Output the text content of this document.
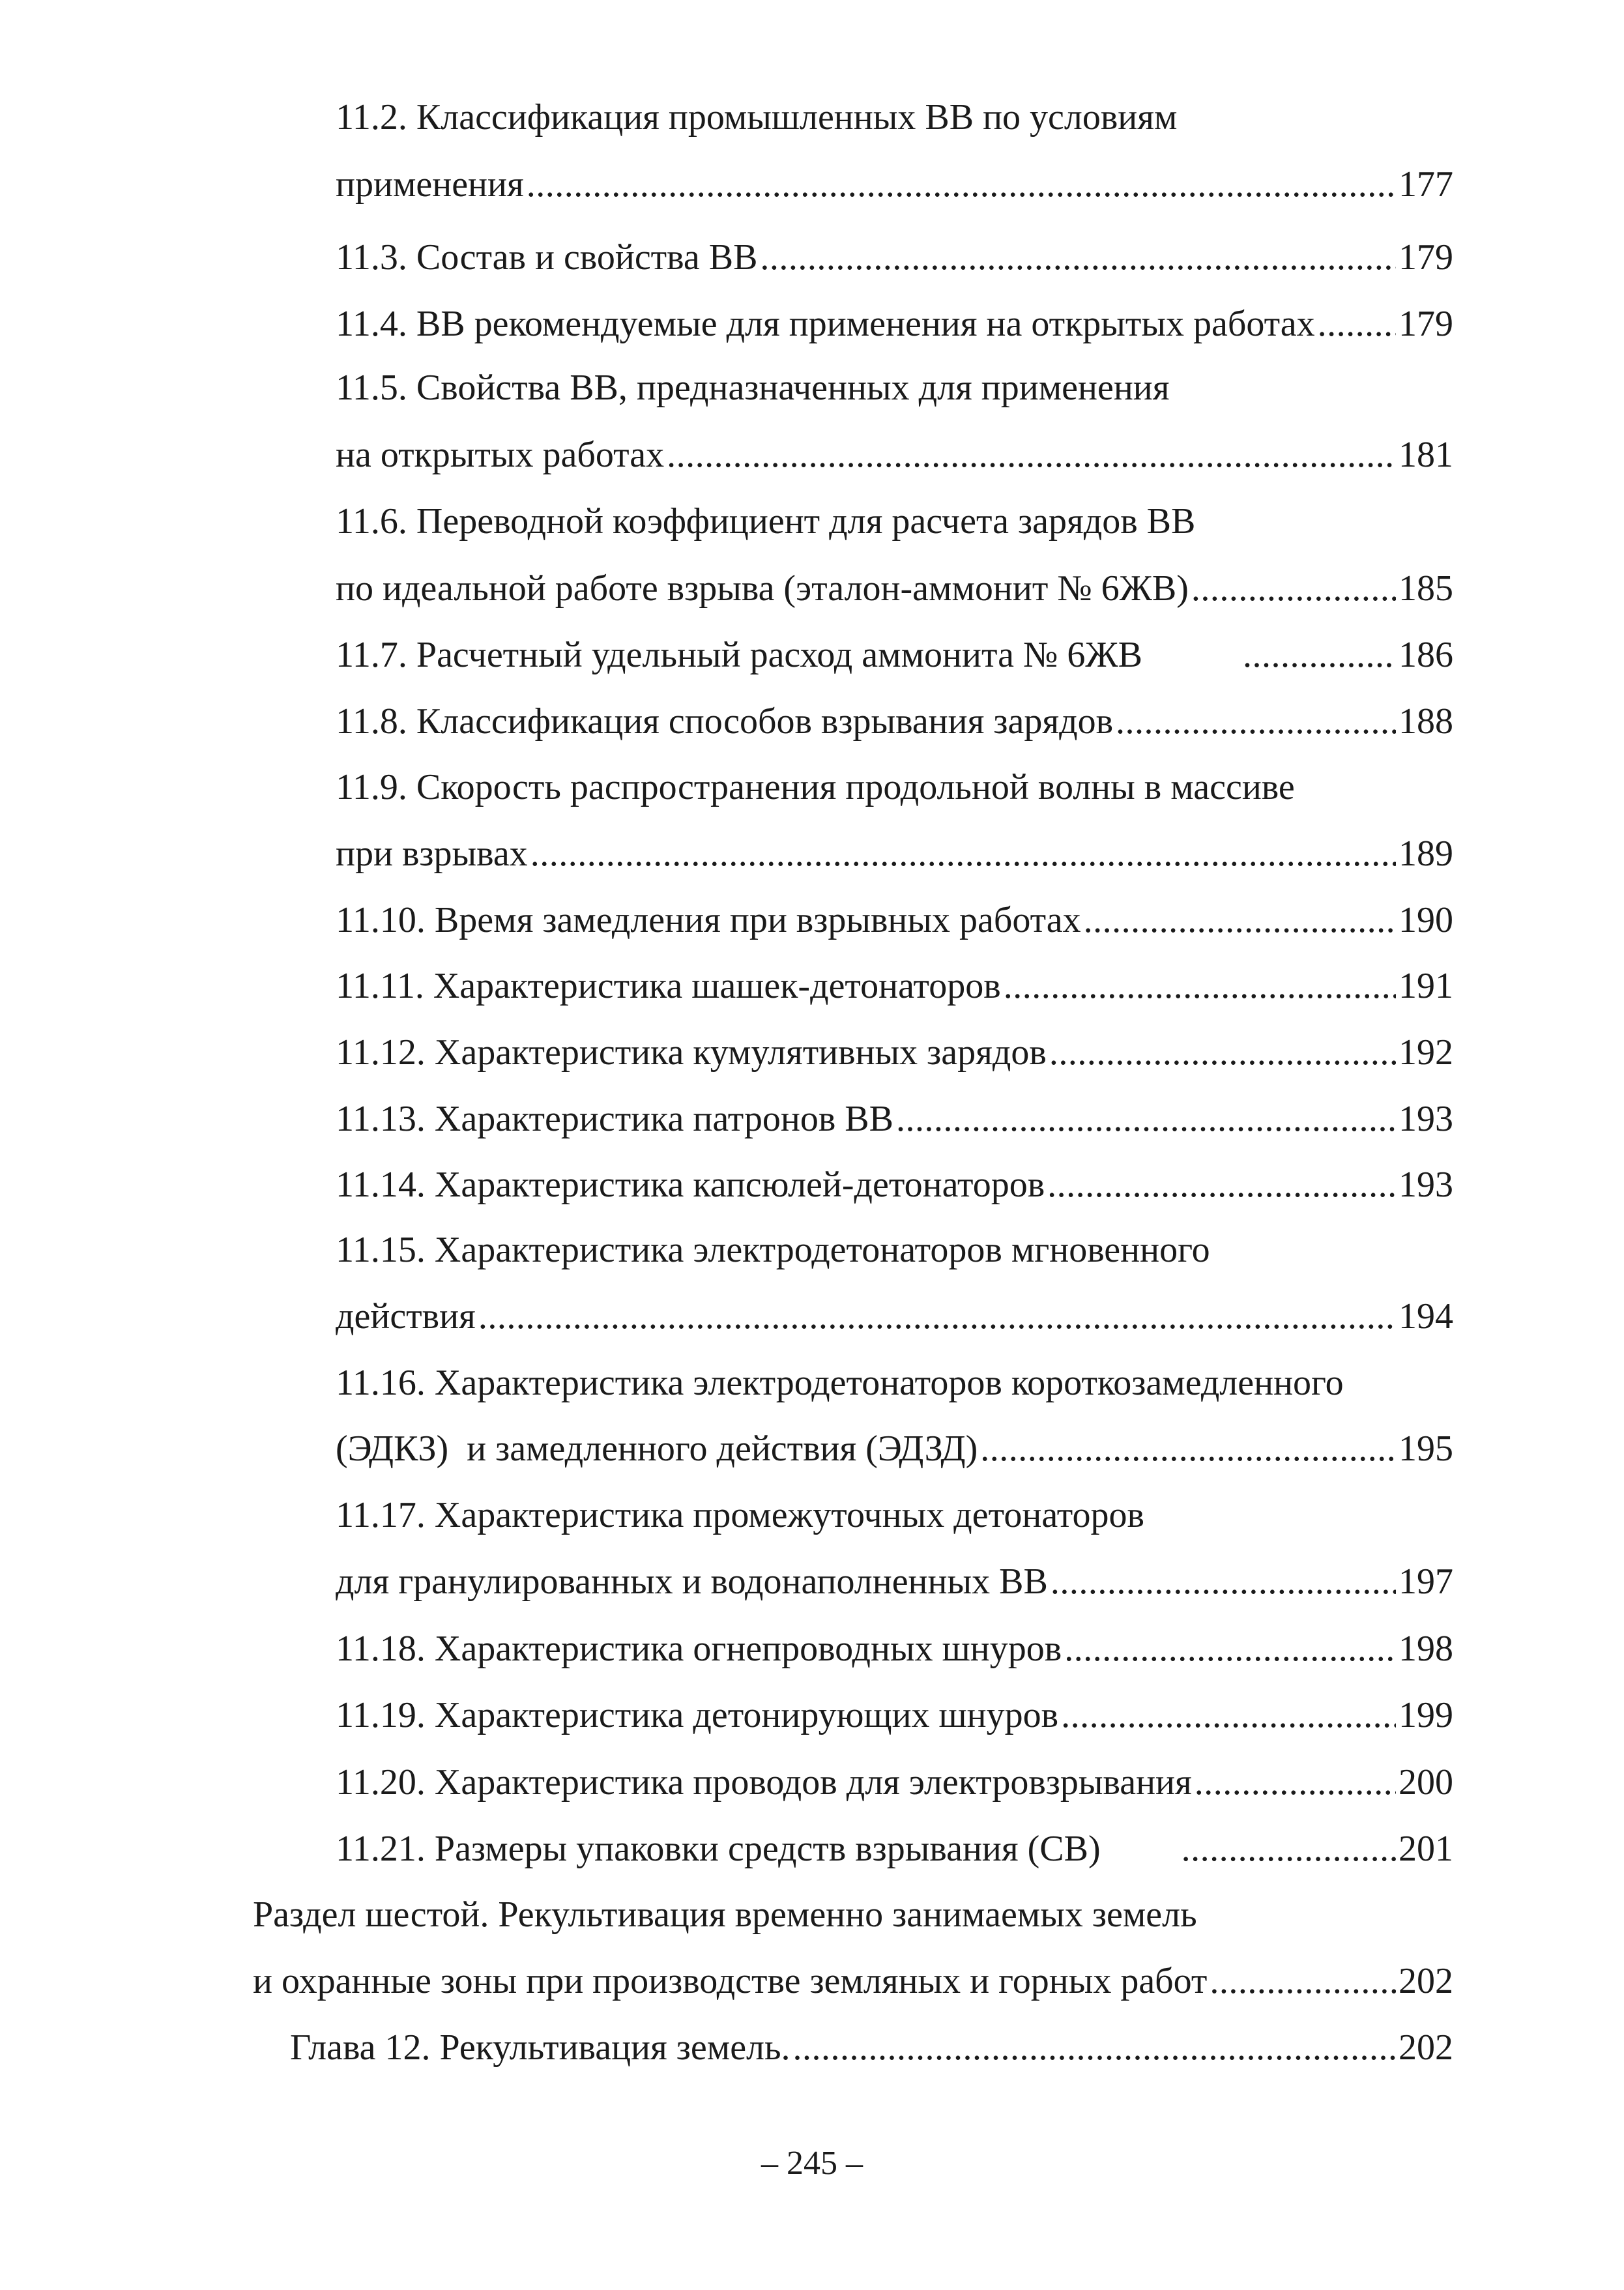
11.2. Классификация промышленных ВВ по условиям
применения .....	177
11.3. Состав и свойства ВВ .....	179
11.4. ВВ рекомендуемые для применения на открытых работах ..... 179
11.5. Свойства ВВ, предназначенных для применения
на открытых работах .....	181
11.6. Переводной коэффициент для расчета зарядов ВВ
по идеальной работе взрыва (эталон-аммонит № 6ЖВ) .....	185
11.7. Расчетный удельный расход аммонита № 6ЖВ .....	186
11.8. Классификация способов взрывания зарядов .....	188
11.9. Скорость распространения продольной волны в массиве
при взрывах .....	189
11.10. Время замедления при взрывных работах .....	190
11.11. Характеристика шашек-детонаторов .....	191
11.12. Характеристика кумулятивных зарядов .....	192
11.13. Характеристика патронов ВВ .....	193
11.14. Характеристика капсюлей-детонаторов .....	193
11.15. Характеристика электродетонаторов мгновенного
действия .....	194
11.16. Характеристика электродетонаторов короткозамедленного
(ЭДКЗ)  и замедленного действия (ЭДЗД) .....	195
11.17. Характеристика промежуточных детонаторов
для гранулированных и водонаполненных ВВ .....	197
11.18. Характеристика огнепроводных шнуров .....	198
11.19. Характеристика детонирующих шнуров .....	199
11.20. Характеристика проводов для электровзрывания .....	200
11.21. Размеры упаковки средств взрывания (СВ) .....	201
Раздел шестой. Рекультивация временно занимаемых земель
и охранные зоны при производстве земляных и горных работ .....	202
Глава 12. Рекультивация земель. .....	202
– 245 –
